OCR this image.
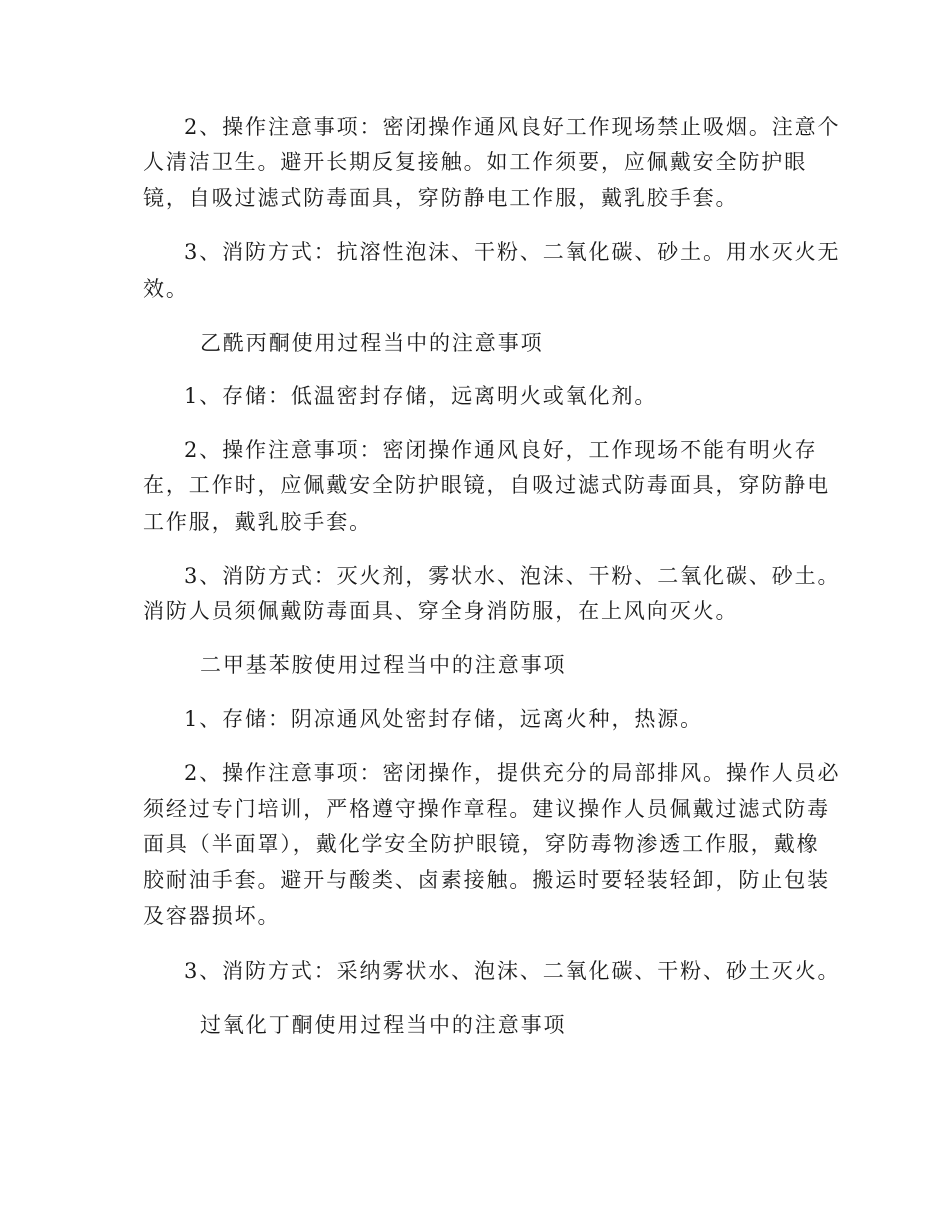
2、操作注意事项：密闭操作通风良好工作现场禁止吸烟。注意个
人清洁卫生。避开长期反复接触。如工作须要，应佩戴安全防护眼
镜，自吸过滤式防毒面具，穿防静电工作服，戴乳胶手套。
3、消防方式：抗溶性泡沫、干粉、二氧化碳、砂土。用水灭火无
效。
乙酰丙酮使用过程当中的注意事项
1、存储：低温密封存储，远离明火或氧化剂。
2、操作注意事项：密闭操作通风良好，工作现场不能有明火存
在，工作时，应佩戴安全防护眼镜，自吸过滤式防毒面具，穿防静电
工作服，戴乳胶手套。
3、消防方式：灭火剂，雾状水、泡沫、干粉、二氧化碳、砂土。
消防人员须佩戴防毒面具、穿全身消防服，在上风向灭火。
二甲基苯胺使用过程当中的注意事项
1、存储：阴凉通风处密封存储，远离火种，热源。
2、操作注意事项：密闭操作，提供充分的局部排风。操作人员必
须经过专门培训，严格遵守操作章程。建议操作人员佩戴过滤式防毒
面具（半面罩），戴化学安全防护眼镜，穿防毒物渗透工作服，戴橡
胶耐油手套。避开与酸类、卤素接触。搬运时要轻装轻卸，防止包装
及容器损坏。
3、消防方式：采纳雾状水、泡沫、二氧化碳、干粉、砂土灭火。
过氧化丁酮使用过程当中的注意事项
